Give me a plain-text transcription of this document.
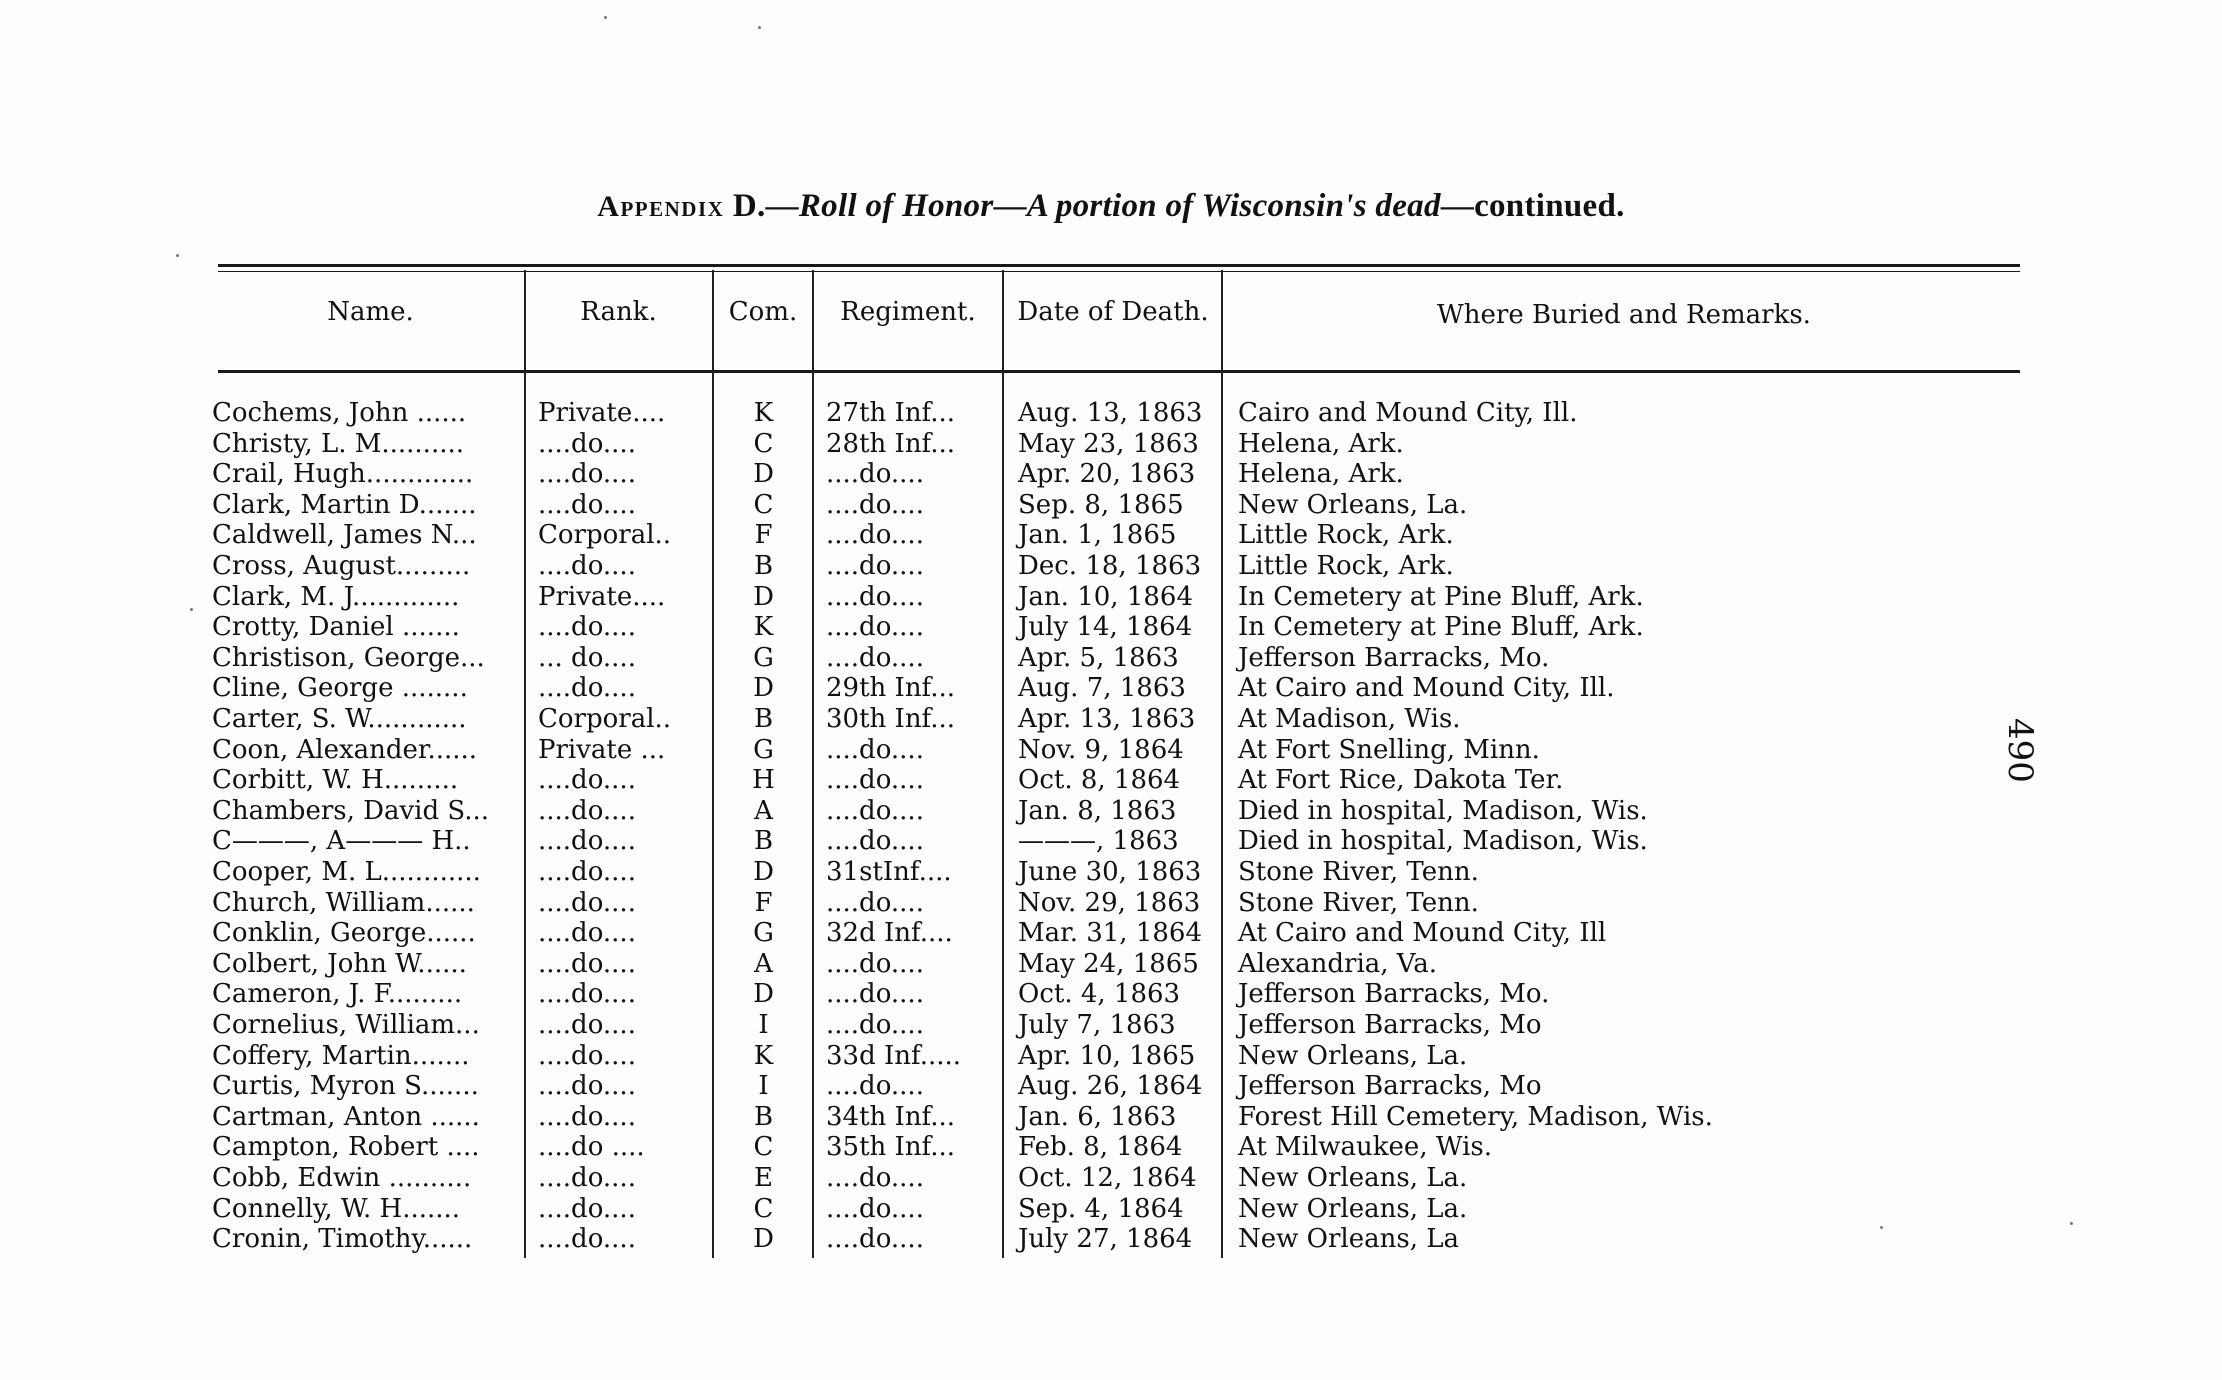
Appendix D.—Roll of Honor—A portion of Wisconsin's dead—continued.
Name.	Rank.	Com.	Regiment.	Date of Death.	Where Buried and Remarks.
Cochems, John ......	Private....	K	27th Inf...	Aug. 13, 1863	Cairo and Mound City, Ill.
Christy, L. M..........	....do....	C	28th Inf...	May 23, 1863	Helena, Ark.
Crail, Hugh.............	....do....	D	....do....	Apr. 20, 1863	Helena, Ark.
Clark, Martin D.......	....do....	C	....do....	Sep. 8, 1865	New Orleans, La.
Caldwell, James N...	Corporal..	F	....do....	Jan. 1, 1865	Little Rock, Ark.
Cross, August.........	....do....	B	....do....	Dec. 18, 1863	Little Rock, Ark.
Clark, M. J.............	Private....	D	....do....	Jan. 10, 1864	In Cemetery at Pine Bluff, Ark.
Crotty, Daniel .......	....do....	K	....do....	July 14, 1864	In Cemetery at Pine Bluff, Ark.
Christison, George...	... do....	G	....do....	Apr. 5, 1863	Jefferson Barracks, Mo.
Cline, George ........	....do....	D	29th Inf...	Aug. 7, 1863	At Cairo and Mound City, Ill.
Carter, S. W............	Corporal..	B	30th Inf...	Apr. 13, 1863	At Madison, Wis.
Coon, Alexander......	Private ...	G	....do....	Nov. 9, 1864	At Fort Snelling, Minn.
Corbitt, W. H.........	....do....	H	....do....	Oct. 8, 1864	At Fort Rice, Dakota Ter.
Chambers, David S...	....do....	A	....do....	Jan. 8, 1863	Died in hospital, Madison, Wis.
C———, A——— H..	....do....	B	....do....	———, 1863	Died in hospital, Madison, Wis.
Cooper, M. L............	....do....	D	31stInf....	June 30, 1863	Stone River, Tenn.
Church, William......	....do....	F	....do....	Nov. 29, 1863	Stone River, Tenn.
Conklin, George......	....do....	G	32d Inf....	Mar. 31, 1864	At Cairo and Mound City, Ill
Colbert, John W......	....do....	A	....do....	May 24, 1865	Alexandria, Va.
Cameron, J. F.........	....do....	D	....do....	Oct. 4, 1863	Jefferson Barracks, Mo.
Cornelius, William...	....do....	I	....do....	July 7, 1863	Jefferson Barracks, Mo
Coffery, Martin.......	....do....	K	33d Inf.....	Apr. 10, 1865	New Orleans, La.
Curtis, Myron S.......	....do....	I	....do....	Aug. 26, 1864	Jefferson Barracks, Mo
Cartman, Anton ......	....do....	B	34th Inf...	Jan. 6, 1863	Forest Hill Cemetery, Madison, Wis.
Campton, Robert ....	....do ....	C	35th Inf...	Feb. 8, 1864	At Milwaukee, Wis.
Cobb, Edwin ..........	....do....	E	....do....	Oct. 12, 1864	New Orleans, La.
Connelly, W. H.......	....do....	C	....do....	Sep. 4, 1864	New Orleans, La.
Cronin, Timothy......	....do....	D	....do....	July 27, 1864	New Orleans, La
490
